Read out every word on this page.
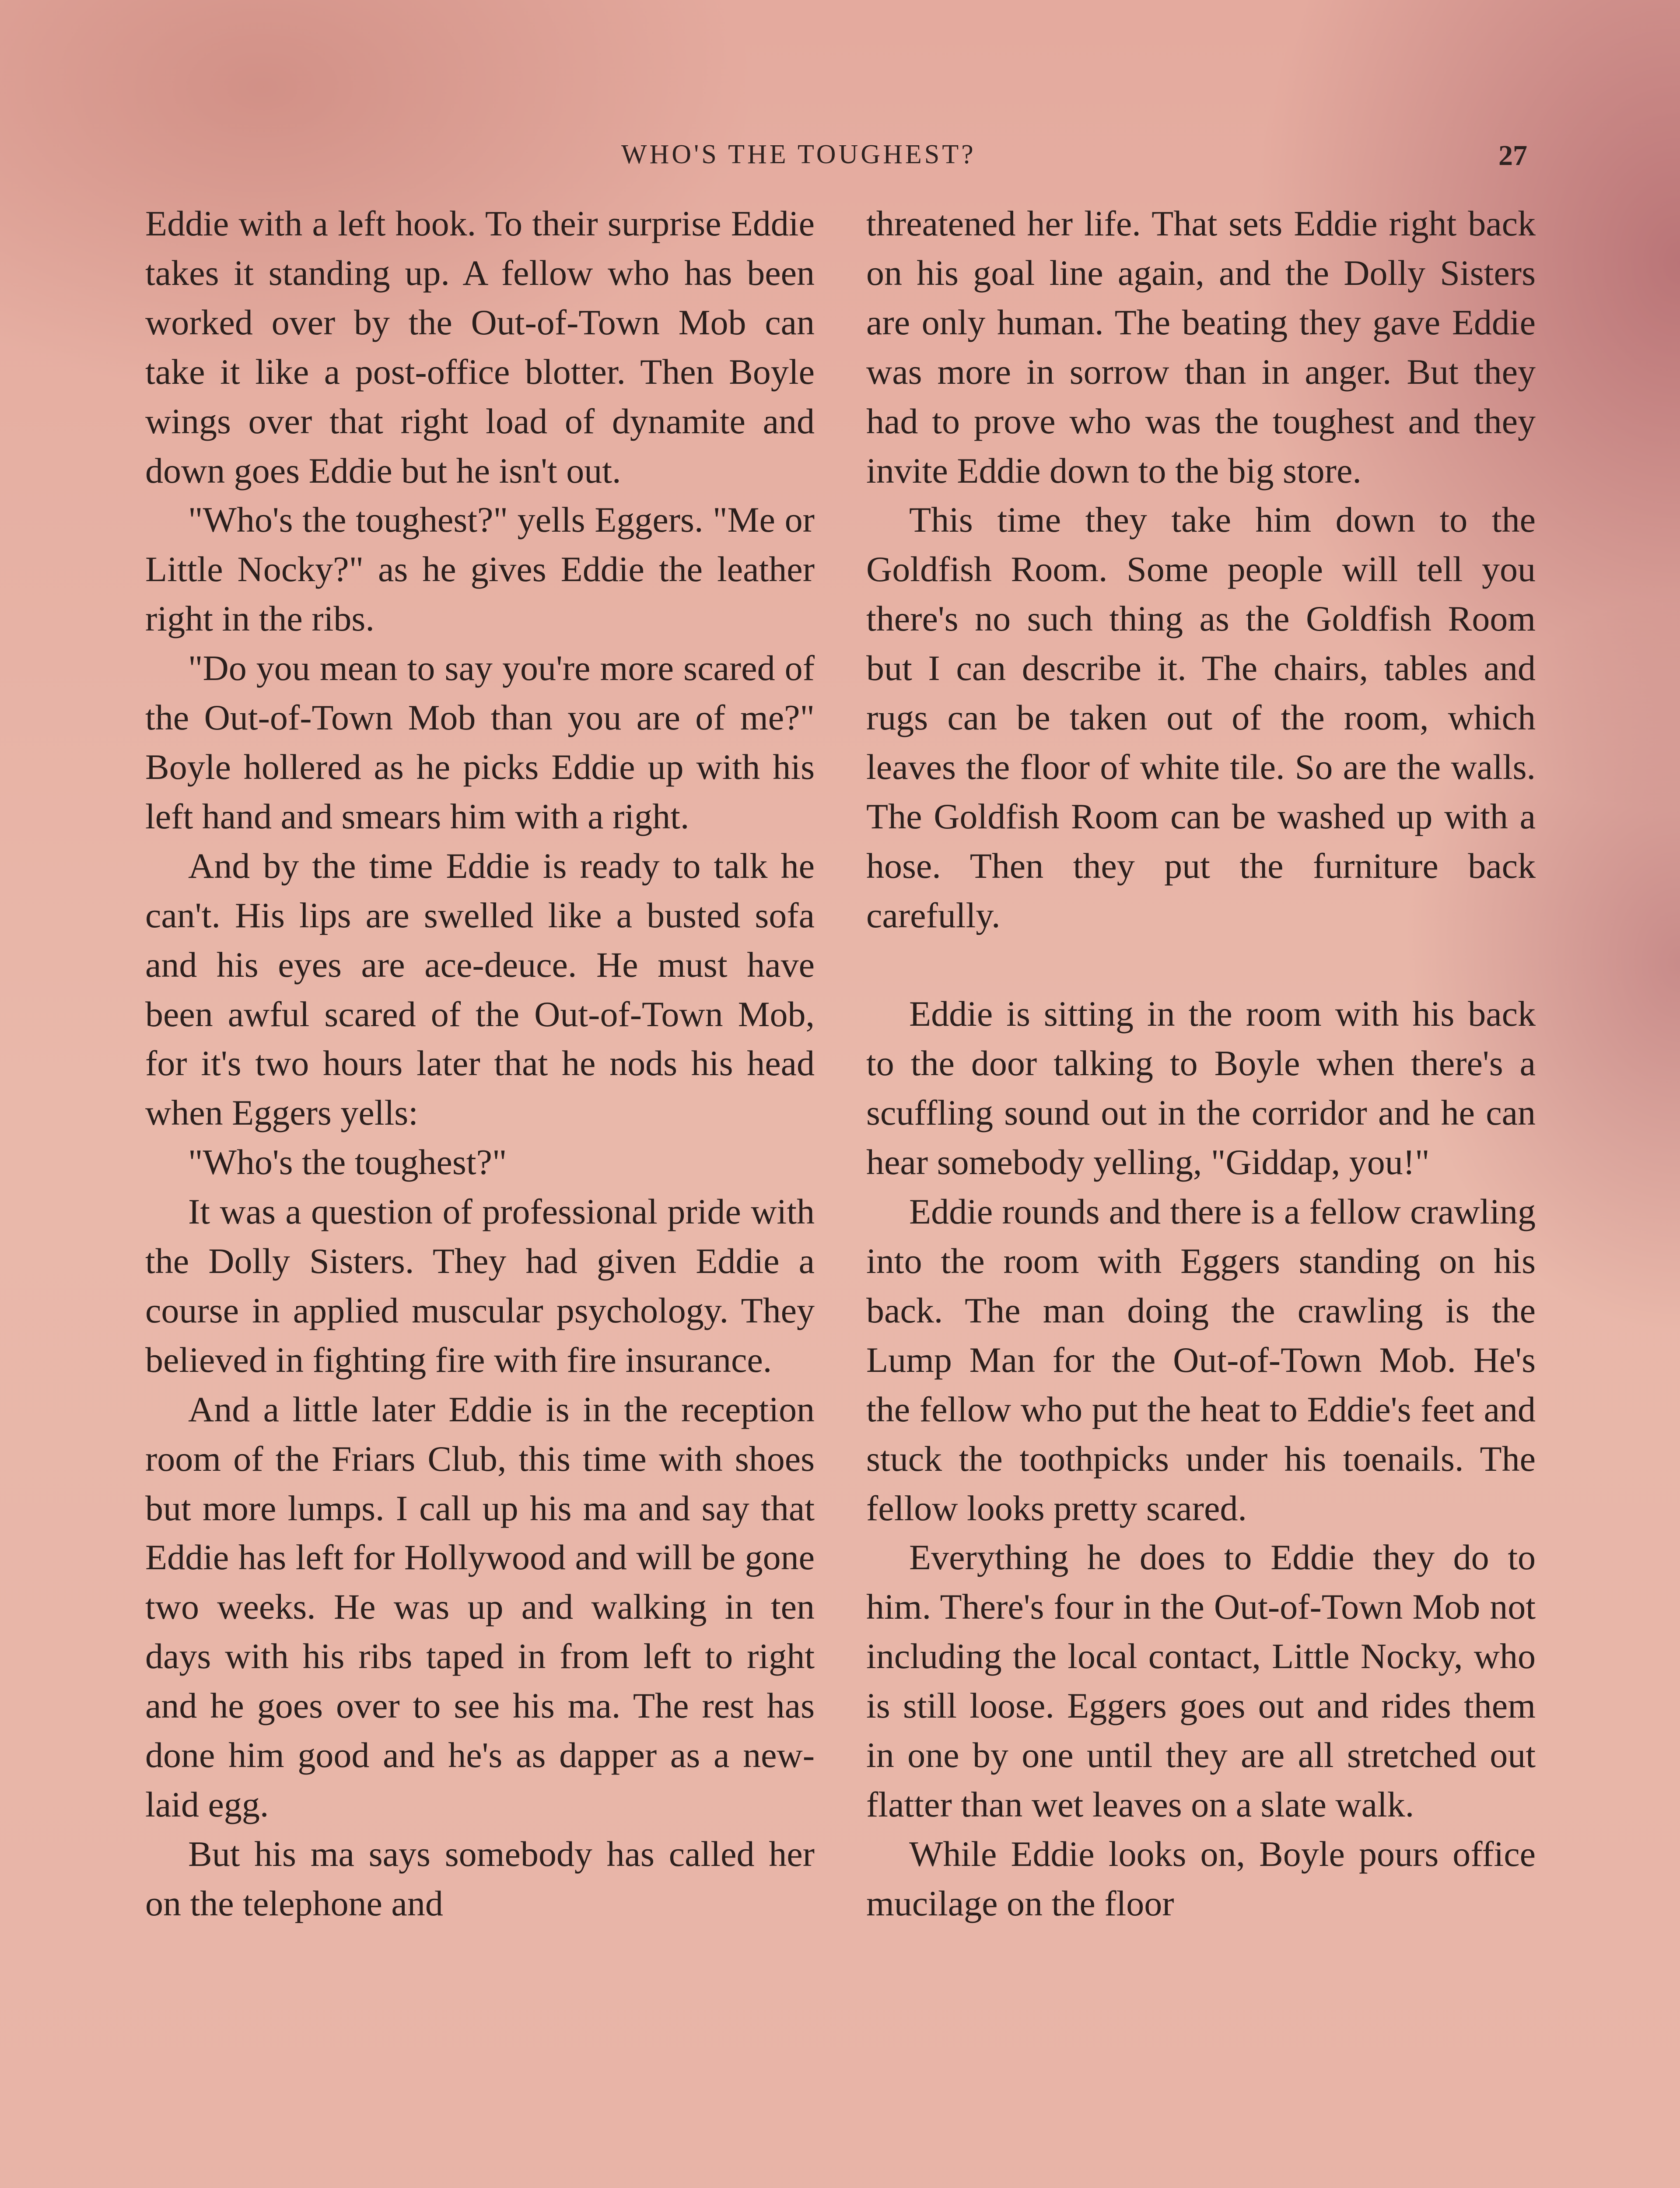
WHO'S THE TOUGHEST?	27

Eddie with a left hook. To their surprise Eddie takes it standing up. A fellow who has been worked over by the Out-of-Town Mob can take it like a post-office blotter. Then Boyle wings over that right load of dynamite and down goes Eddie but he isn't out.

"Who's the toughest?" yells Eggers. "Me or Little Nocky?" as he gives Eddie the leather right in the ribs.

"Do you mean to say you're more scared of the Out-of-Town Mob than you are of me?" Boyle hollered as he picks Eddie up with his left hand and smears him with a right.

And by the time Eddie is ready to talk he can't. His lips are swelled like a busted sofa and his eyes are ace-deuce. He must have been awful scared of the Out-of-Town Mob, for it's two hours later that he nods his head when Eggers yells:

"Who's the toughest?"

It was a question of professional pride with the Dolly Sisters. They had given Eddie a course in applied muscular psychology. They believed in fighting fire with fire insurance.

And a little later Eddie is in the reception room of the Friars Club, this time with shoes but more lumps. I call up his ma and say that Eddie has left for Hollywood and will be gone two weeks. He was up and walking in ten days with his ribs taped in from left to right and he goes over to see his ma. The rest has done him good and he's as dapper as a new-laid egg.

But his ma says somebody has called her on the telephone and

threatened her life. That sets Eddie right back on his goal line again, and the Dolly Sisters are only human. The beating they gave Eddie was more in sorrow than in anger. But they had to prove who was the toughest and they invite Eddie down to the big store.

This time they take him down to the Goldfish Room. Some people will tell you there's no such thing as the Goldfish Room but I can describe it. The chairs, tables and rugs can be taken out of the room, which leaves the floor of white tile. So are the walls. The Goldfish Room can be washed up with a hose. Then they put the furniture back carefully.

Eddie is sitting in the room with his back to the door talking to Boyle when there's a scuffling sound out in the corridor and he can hear somebody yelling, "Giddap, you!"

Eddie rounds and there is a fellow crawling into the room with Eggers standing on his back. The man doing the crawling is the Lump Man for the Out-of-Town Mob. He's the fellow who put the heat to Eddie's feet and stuck the toothpicks under his toenails. The fellow looks pretty scared.

Everything he does to Eddie they do to him. There's four in the Out-of-Town Mob not including the local contact, Little Nocky, who is still loose. Eggers goes out and rides them in one by one until they are all stretched out flatter than wet leaves on a slate walk.

While Eddie looks on, Boyle pours office mucilage on the floor
